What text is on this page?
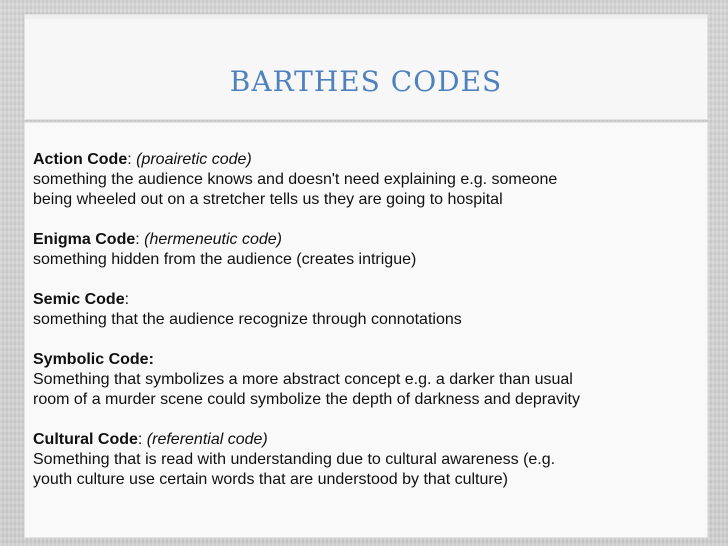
BARTHES CODES
Action Code: (proairetic code)
something the audience knows and doesn't need explaining e.g. someone
being wheeled out on a stretcher tells us they are going to hospital
Enigma Code: (hermeneutic code)
something hidden from the audience (creates intrigue)
Semic Code:
something that the audience recognize through connotations
Symbolic Code:
Something that symbolizes a more abstract concept e.g. a darker than usual
room of a murder scene could symbolize the depth of darkness and depravity
Cultural Code: (referential code)
Something that is read with understanding due to cultural awareness (e.g.
youth culture use certain words that are understood by that culture)
